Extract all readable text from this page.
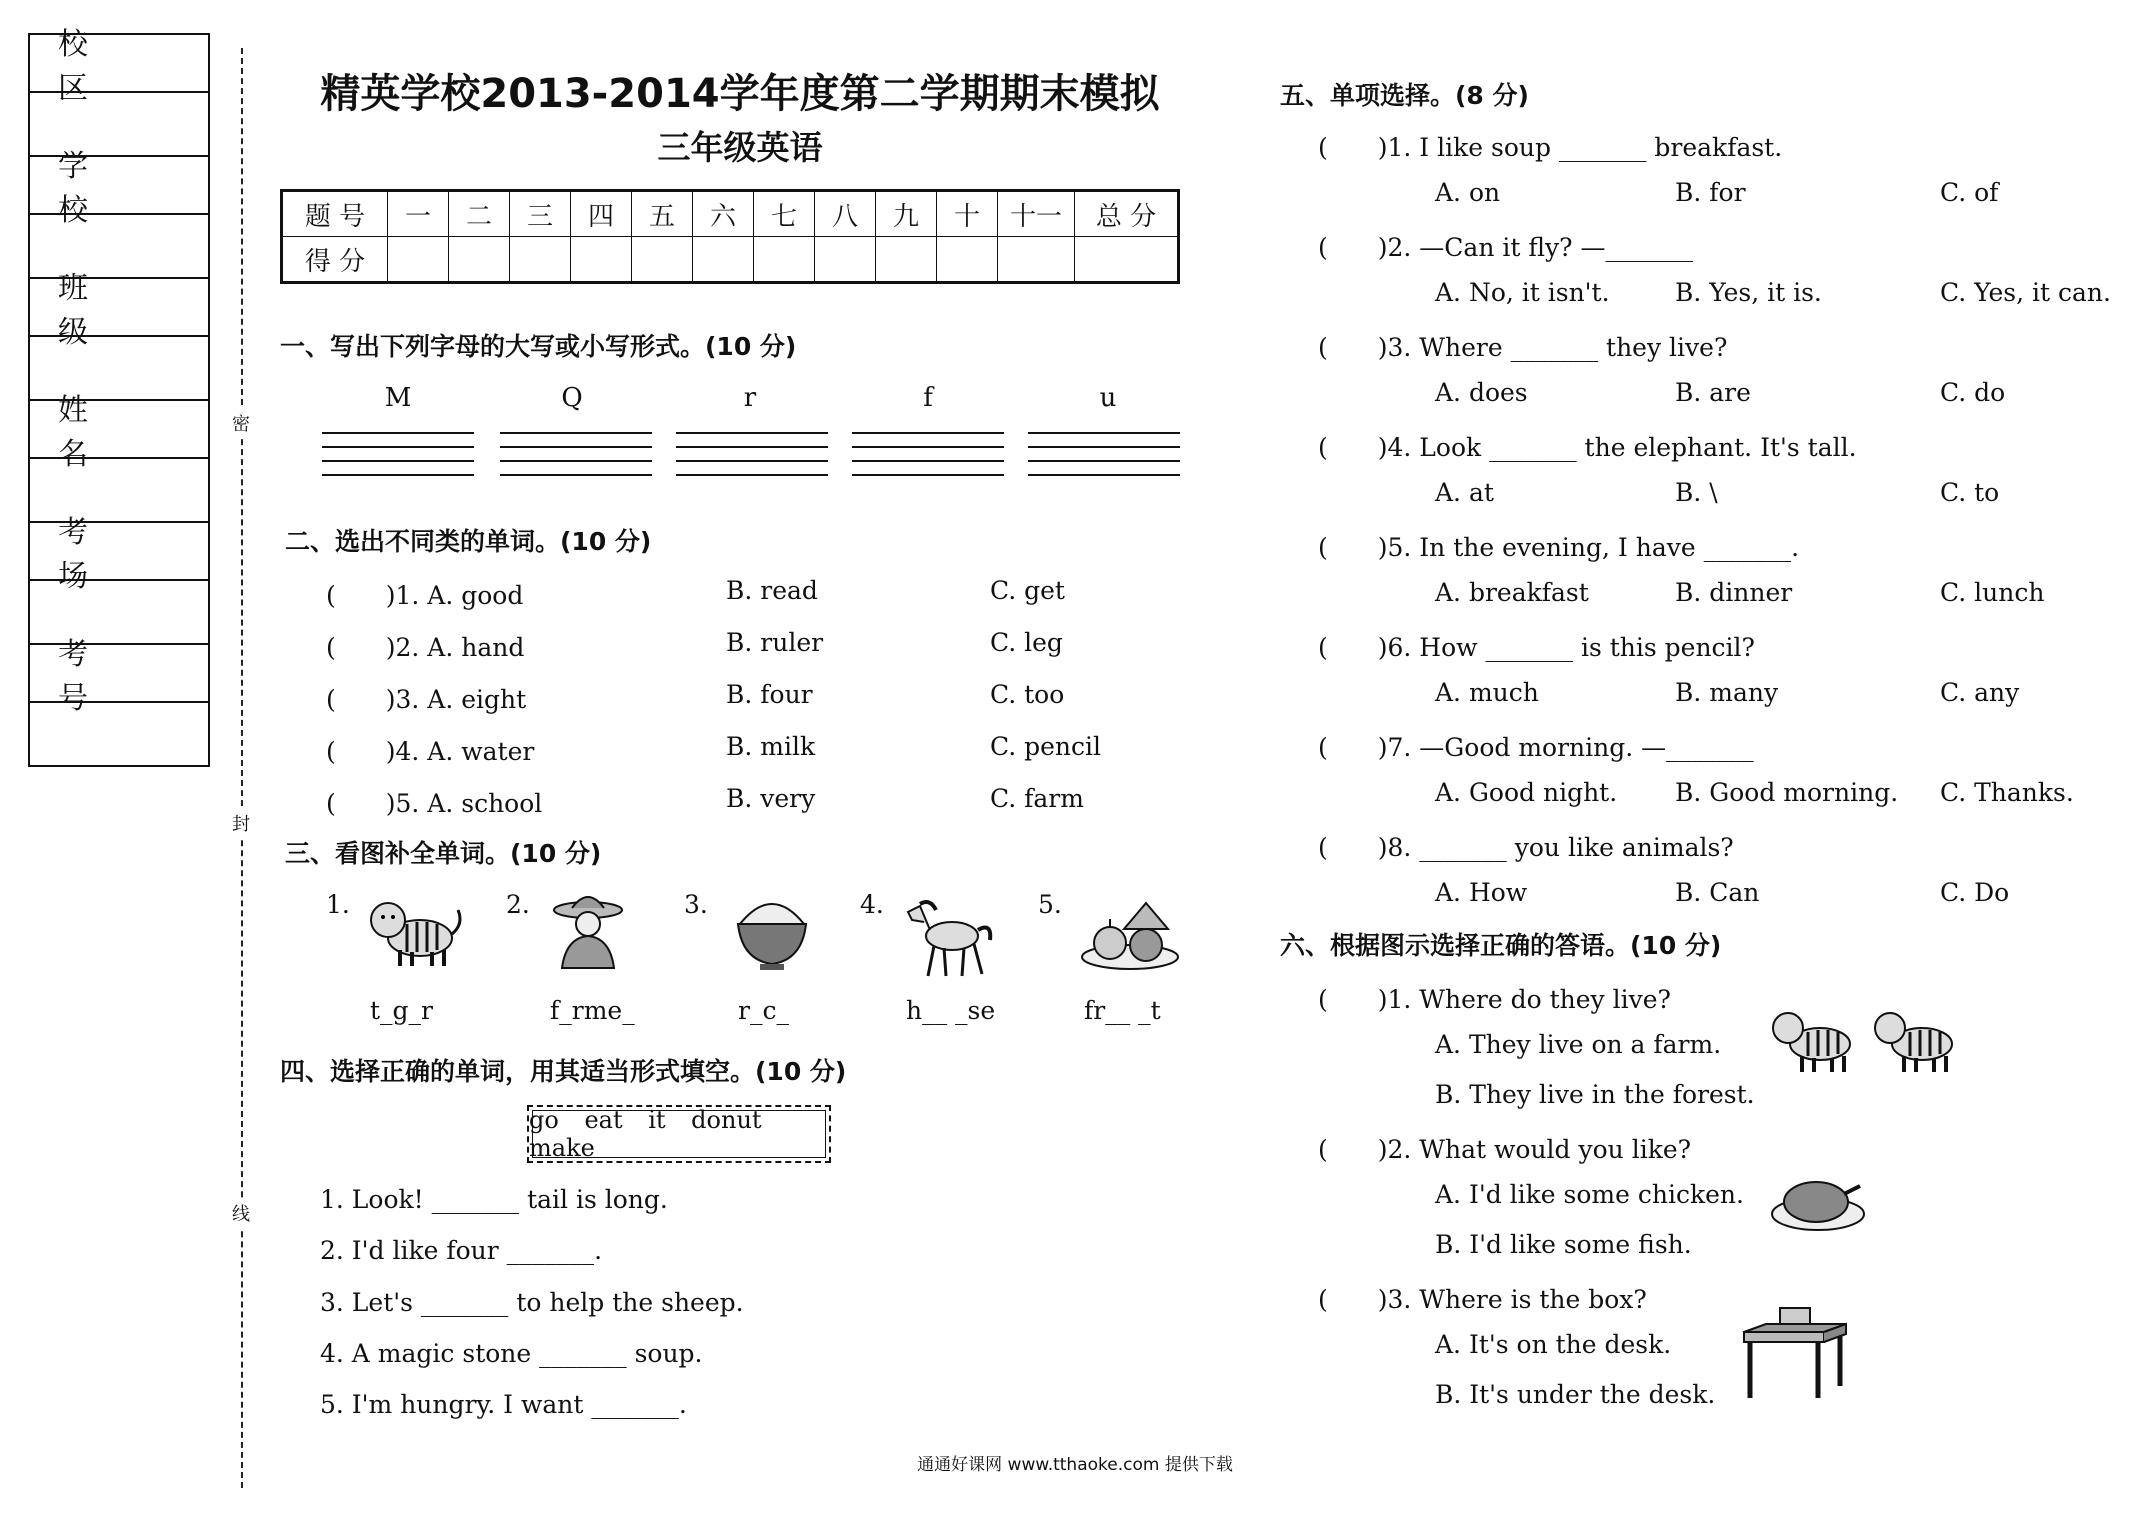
校 区
学 校
班 级
姓 名
考 场
考 号
密
封
线
精英学校2013-2014学年度第二学期期末模拟
三年级英语
题 号	一	二	三	四	五	六	七	八	九	十	十一	总 分
得 分												
一、写出下列字母的大写或小写形式。(10 分)
M	Q	r	f	u
二、选出不同类的单词。(10 分)
(　　)1. A. good	B. read	C. get
(　　)2. A. hand	B. ruler	C. leg
(　　)3. A. eight	B. four	C. too
(　　)4. A. water	B. milk	C. pencil
(　　)5. A. school	B. very	C. farm
三、看图补全单词。(10 分)
1.
t_g_r
2.
f_rme_
3.
r_c_
4.
h__ _se
5.
fr__ _t
四、选择正确的单词，用其适当形式填空。(10 分)
go eat it donut make
1. Look! _______ tail is long.
2. I'd like four _______.
3. Let's _______ to help the sheep.
4. A magic stone _______ soup.
5. I'm hungry. I want _______.
五、单项选择。(8 分)
(　　)1. I like soup _______ breakfast.
A. on	B. for	C. of
(　　)2. —Can it fly? —_______
A. No, it isn't.	B. Yes, it is.	C. Yes, it can.
(　　)3. Where _______ they live?
A. does	B. are	C. do
(　　)4. Look _______ the elephant. It's tall.
A. at	B. \	C. to
(　　)5. In the evening, I have _______.
A. breakfast	B. dinner	C. lunch
(　　)6. How _______ is this pencil?
A. much	B. many	C. any
(　　)7. —Good morning. —_______
A. Good night. B. Good morning. C. Thanks.
(　　)8. _______ you like animals?
A. How	B. Can	C. Do
六、根据图示选择正确的答语。(10 分)
(　　)1. Where do they live?
A. They live on a farm.
B. They live in the forest.
(　　)2. What would you like?
A. I'd like some chicken.
B. I'd like some fish.
(　　)3. Where is the box?
A. It's on the desk.
B. It's under the desk.
通通好课网 www.tthaoke.com 提供下载
